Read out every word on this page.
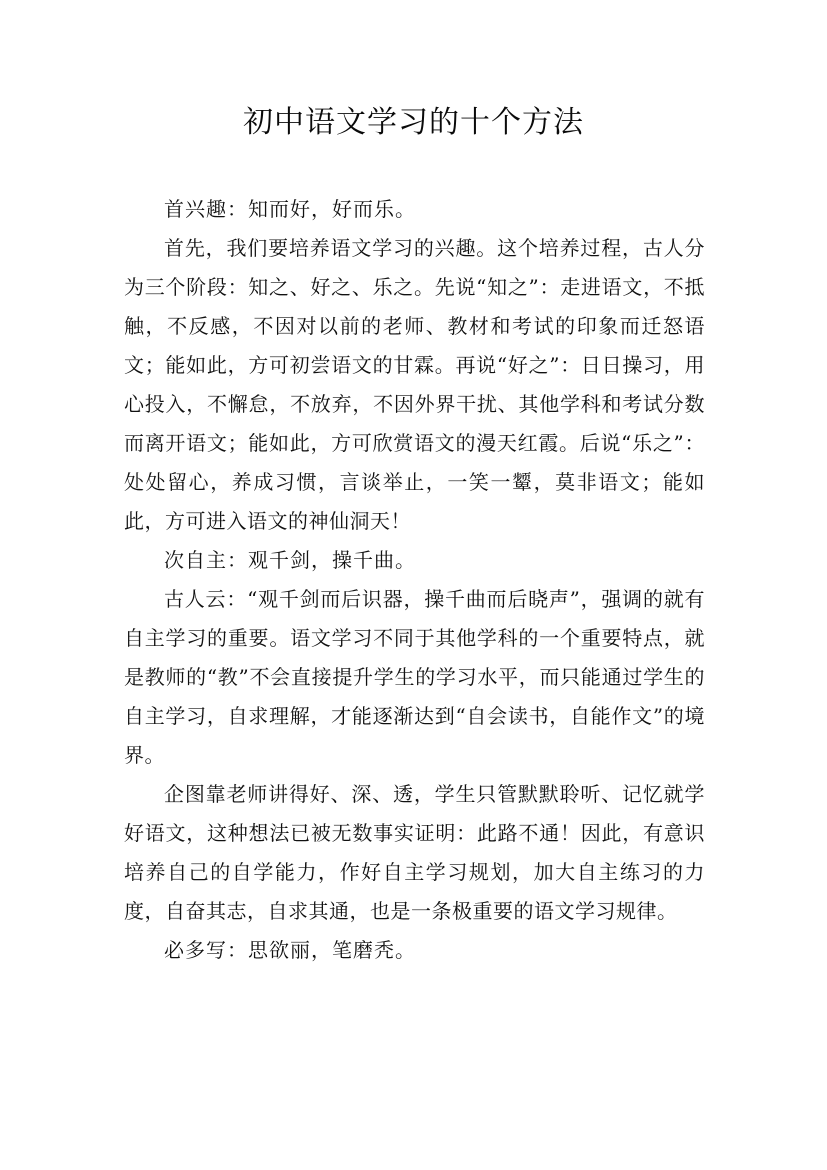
初中语文学习的十个方法

首兴趣：知而好，好而乐。

首先，我们要培养语文学习的兴趣。这个培养过程，古人分为三个阶段：知之、好之、乐之。先说“知之”：走进语文，不抵触，不反感，不因对以前的老师、教材和考试的印象而迁怒语文；能如此，方可初尝语文的甘霖。再说“好之”：日日操习，用心投入，不懈怠，不放弃，不因外界干扰、其他学科和考试分数而离开语文；能如此，方可欣赏语文的漫天红霞。后说“乐之”：处处留心，养成习惯，言谈举止，一笑一颦，莫非语文；能如此，方可进入语文的神仙洞天！

次自主：观千剑，操千曲。

古人云：“观千剑而后识器，操千曲而后晓声”，强调的就有自主学习的重要。语文学习不同于其他学科的一个重要特点，就是教师的“教”不会直接提升学生的学习水平，而只能通过学生的自主学习，自求理解，才能逐渐达到“自会读书，自能作文”的境界。

企图靠老师讲得好、深、透，学生只管默默聆听、记忆就学好语文，这种想法已被无数事实证明：此路不通！因此，有意识培养自己的自学能力，作好自主学习规划，加大自主练习的力度，自奋其志，自求其通，也是一条极重要的语文学习规律。

必多写：思欲丽，笔磨秃。
